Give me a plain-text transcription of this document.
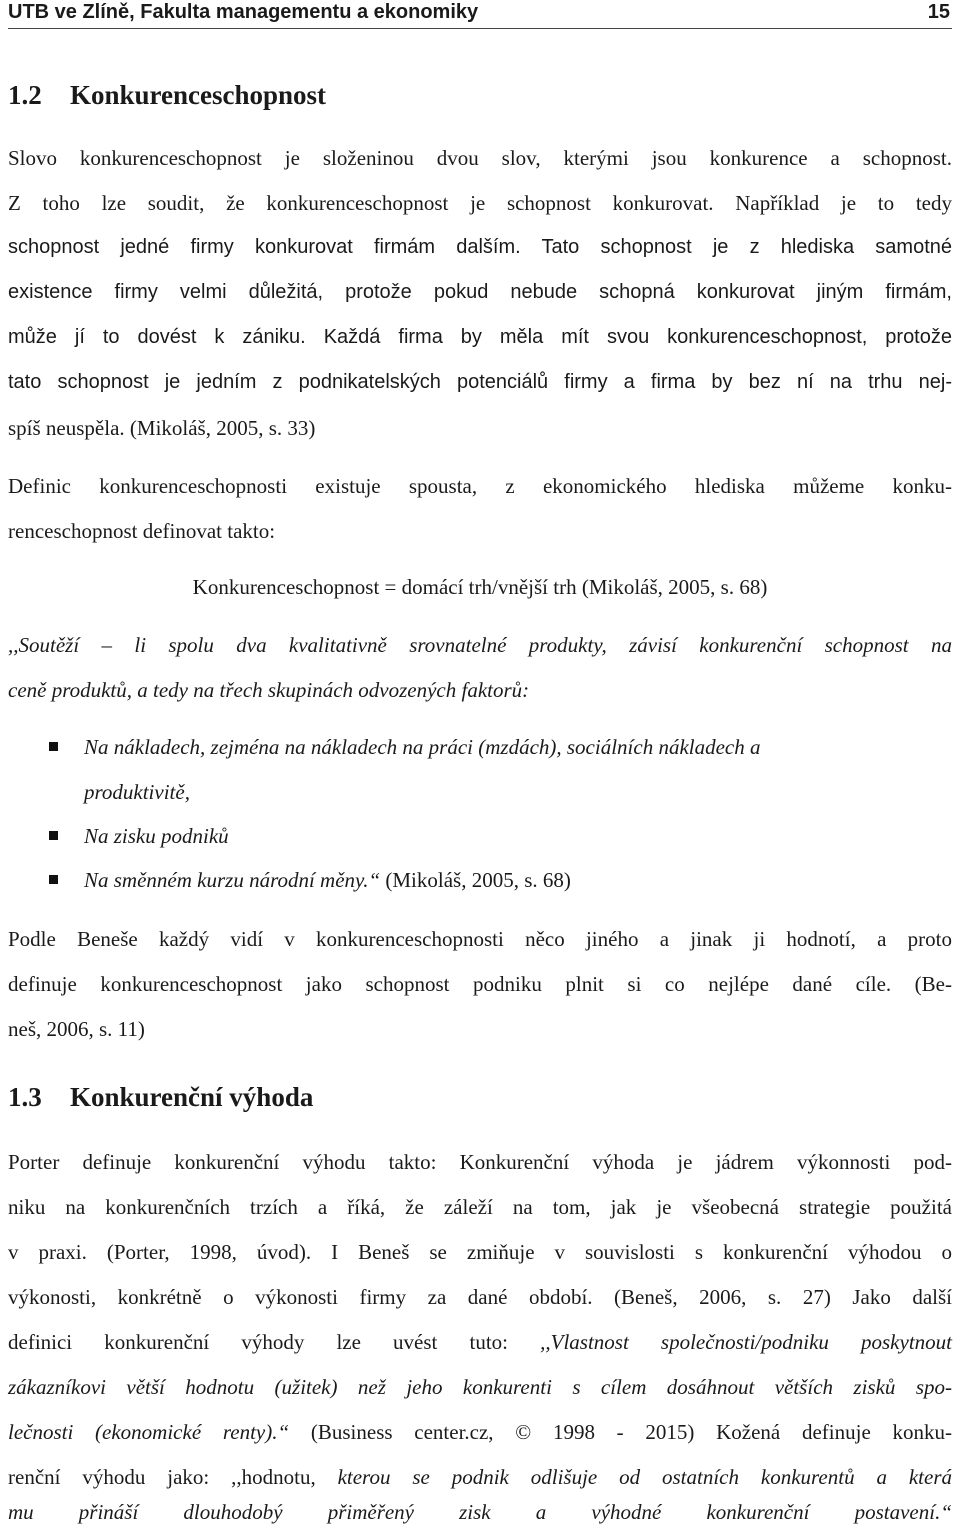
UTB ve Zlíně, Fakulta managementu a ekonomiky	15
1.2 Konkurenceschopnost
Slovo konkurenceschopnost je složeninou dvou slov, kterými jsou konkurence a schopnost.
Z toho lze soudit, že konkurenceschopnost je schopnost konkurovat. Například je to tedy
schopnost jedné firmy konkurovat firmám dalším. Tato schopnost je z hlediska samotné
existence firmy velmi důležitá, protože pokud nebude schopná konkurovat jiným firmám,
může jí to dovést k zániku. Každá firma by měla mít svou konkurenceschopnost, protože
tato schopnost je jedním z podnikatelských potenciálů firmy a firma by bez ní na trhu nej-
spíš neuspěla. (Mikoláš, 2005, s. 33)
Definic konkurenceschopnosti existuje spousta, z ekonomického hlediska můžeme konku-
renceschopnost definovat takto:
Konkurenceschopnost = domácí trh/vnější trh (Mikoláš, 2005, s. 68)
,,Soutěží – li spolu dva kvalitativně srovnatelné produkty, závisí konkurenční schopnost na
ceně produktů, a tedy na třech skupinách odvozených faktorů:

Na nákladech, zejména na nákladech na práci (mzdách), sociálních nákladech a

produktivitě,

Na zisku podniků

Na směnném kurzu národní měny.“ (Mikoláš, 2005, s. 68)

Podle Beneše každý vidí v konkurenceschopnosti něco jiného a jinak ji hodnotí, a proto
definuje konkurenceschopnost jako schopnost podniku plnit si co nejlépe dané cíle. (Be-
neš, 2006, s. 11)
1.3 Konkurenční výhoda
Porter definuje konkurenční výhodu takto: Konkurenční výhoda je jádrem výkonnosti pod-
niku na konkurenčních trzích a říká, že záleží na tom, jak je všeobecná strategie použitá
v praxi. (Porter, 1998, úvod). I Beneš se zmiňuje v souvislosti s konkurenční výhodou o
výkonosti, konkrétně o výkonosti firmy za dané období. (Beneš, 2006, s. 27) Jako další
definici konkurenční výhody lze uvést tuto: ,,Vlastnost společnosti/podniku poskytnout
zákazníkovi větší hodnotu (užitek) než jeho konkurenti s cílem dosáhnout větších zisků spo-
lečnosti (ekonomické renty).“ (Business center.cz, © 1998 - 2015) Kožená definuje konku-
renční výhodu jako: ,,hodnotu, kterou se podnik odlišuje od ostatních konkurentů a která
mu přináší dlouhodobý přiměřený zisk a výhodné konkurenční postavení.“
